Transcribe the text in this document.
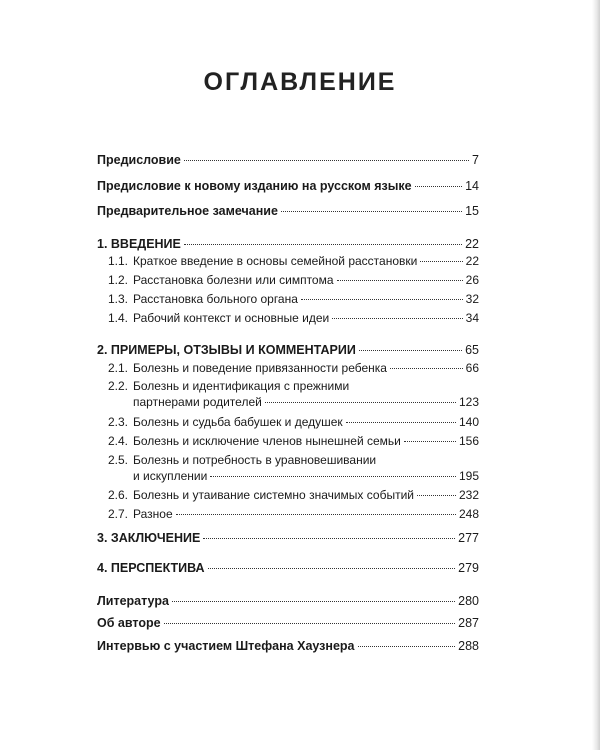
ОГЛАВЛЕНИЕ
Предисловие	7
Предисловие к новому изданию на русском языке	14
Предварительное замечание	15
1. ВВЕДЕНИЕ	22
1.1. Краткое введение в основы семейной расстановки	22
1.2. Расстановка болезни или симптома	26
1.3. Расстановка больного органа	32
1.4. Рабочий контекст и основные идеи	34
2. ПРИМЕРЫ, ОТЗЫВЫ И КОММЕНТАРИИ	65
2.1. Болезнь и поведение привязанности ребенка	66
2.2. Болезнь и идентификация с прежними
партнерами родителей	123
2.3. Болезнь и судьба бабушек и дедушек	140
2.4. Болезнь и исключение членов нынешней семьи	156
2.5. Болезнь и потребность в уравновешивании
и искуплении	195
2.6. Болезнь и утаивание системно значимых событий	232
2.7. Разное	248
3. ЗАКЛЮЧЕНИЕ	277
4. ПЕРСПЕКТИВА	279
Литература	280
Об авторе	287
Интервью с участием Штефана Хаузнера	288
